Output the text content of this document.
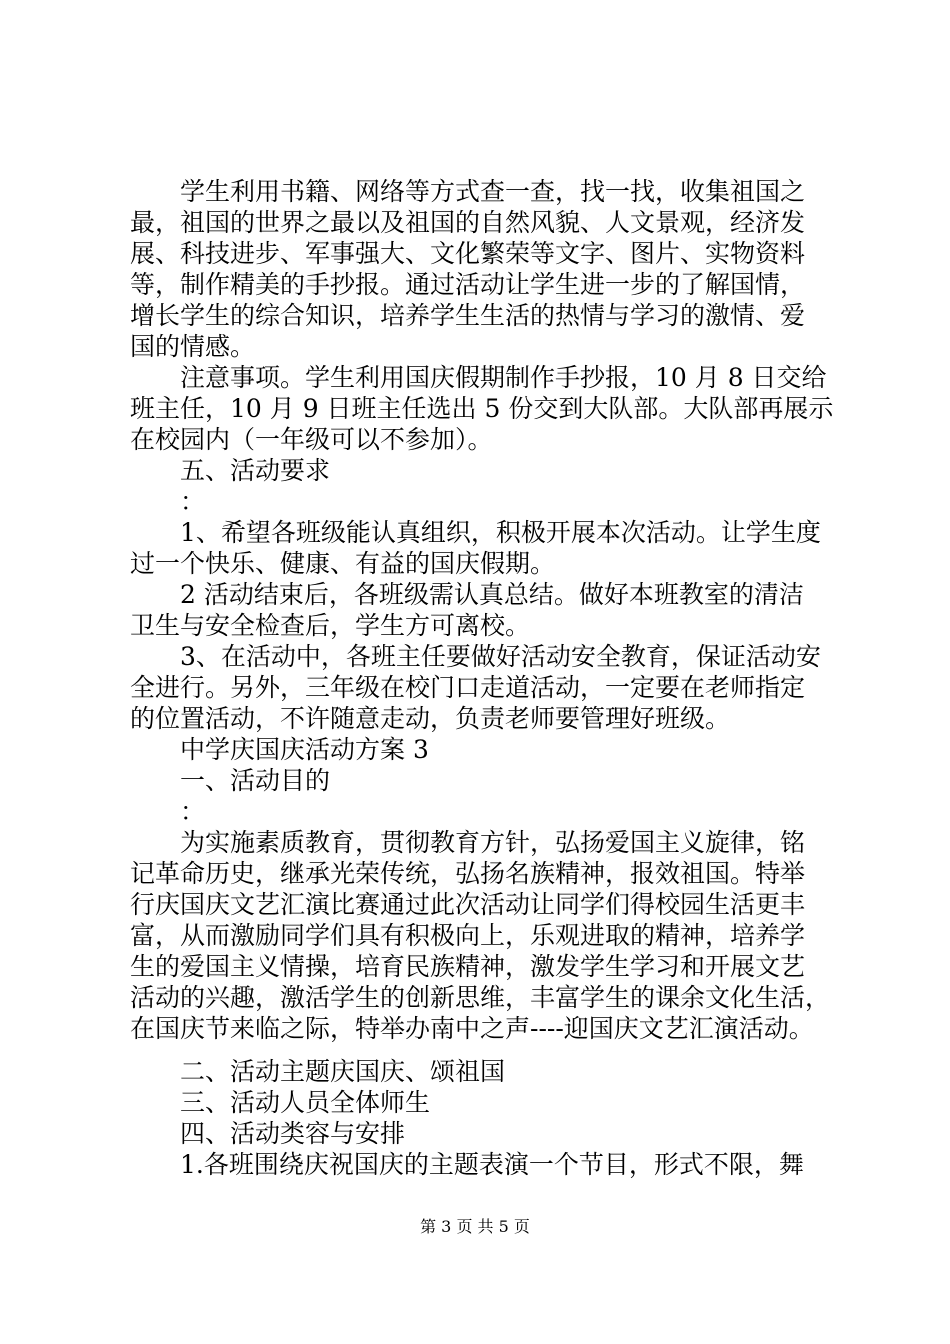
　　学生利用书籍、网络等方式查一查，找一找，收集祖国之
最，祖国的世界之最以及祖国的自然风貌、人文景观，经济发
展、科技进步、军事强大、文化繁荣等文字、图片、实物资料
等，制作精美的手抄报。通过活动让学生进一步的了解国情，
增长学生的综合知识，培养学生生活的热情与学习的激情、爱
国的情感。
　　注意事项。学生利用国庆假期制作手抄报，10 月 8 日交给
班主任，10 月 9 日班主任选出 5 份交到大队部。大队部再展示
在校园内（一年级可以不参加）。
　　五、活动要求
　　：
　　1、希望各班级能认真组织，积极开展本次活动。让学生度
过一个快乐、健康、有益的国庆假期。
　　2 活动结束后，各班级需认真总结。做好本班教室的清洁
卫生与安全检查后，学生方可离校。
　　3、在活动中，各班主任要做好活动安全教育，保证活动安
全进行。另外，三年级在校门口走道活动，一定要在老师指定
的位置活动，不许随意走动，负责老师要管理好班级。
　　中学庆国庆活动方案 3
　　一、活动目的
　　：
　　为实施素质教育，贯彻教育方针，弘扬爱国主义旋律，铭
记革命历史，继承光荣传统，弘扬名族精神，报效祖国。特举
行庆国庆文艺汇演比赛通过此次活动让同学们得校园生活更丰
富，从而激励同学们具有积极向上，乐观进取的精神，培养学
生的爱国主义情操，培育民族精神，激发学生学习和开展文艺
活动的兴趣，激活学生的创新思维，丰富学生的课余文化生活，
在国庆节来临之际，特举办南中之声----迎国庆文艺汇演活动。
　　二、活动主题庆国庆、颂祖国
　　三、活动人员全体师生
　　四、活动类容与安排
　　1.各班围绕庆祝国庆的主题表演一个节目，形式不限，舞
第 3 页 共 5 页
